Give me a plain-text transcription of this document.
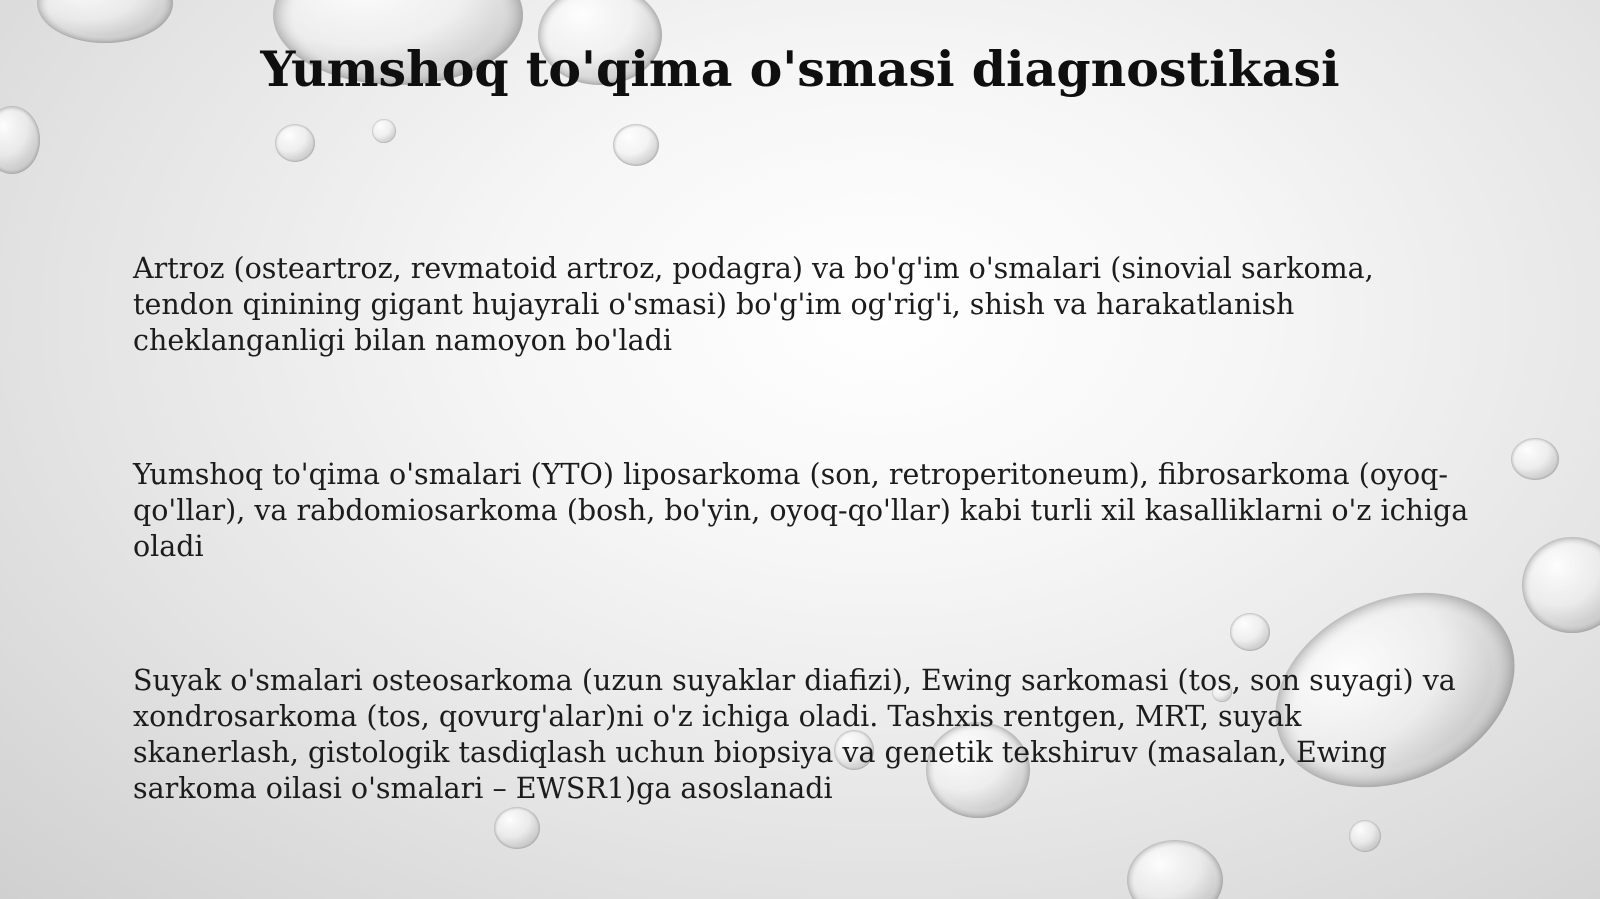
Yumshoq to'qima o'smasi diagnostikasi

Artroz (osteartroz, revmatoid artroz, podagra) va bo'g'im o'smalari (sinovial sarkoma, tendon qinining gigant hujayrali o'smasi) bo'g'im og'rig'i, shish va harakatlanish cheklanganligi bilan namoyon bo'ladi

Yumshoq to'qima o'smalari (YTO) liposarkoma (son, retroperitoneum), fibrosarkoma (oyoq-qo'llar), va rabdomiosarkoma (bosh, bo'yin, oyoq-qo'llar) kabi turli xil kasalliklarni o'z ichiga oladi

Suyak o'smalari osteosarkoma (uzun suyaklar diafizi), Ewing sarkomasi (tos, son suyagi) va xondrosarkoma (tos, qovurg'alar)ni o'z ichiga oladi. Tashxis rentgen, MRT, suyak skanerlash, gistologik tasdiqlash uchun biopsiya va genetik tekshiruv (masalan, Ewing sarkoma oilasi o'smalari – EWSR1)ga asoslanadi
